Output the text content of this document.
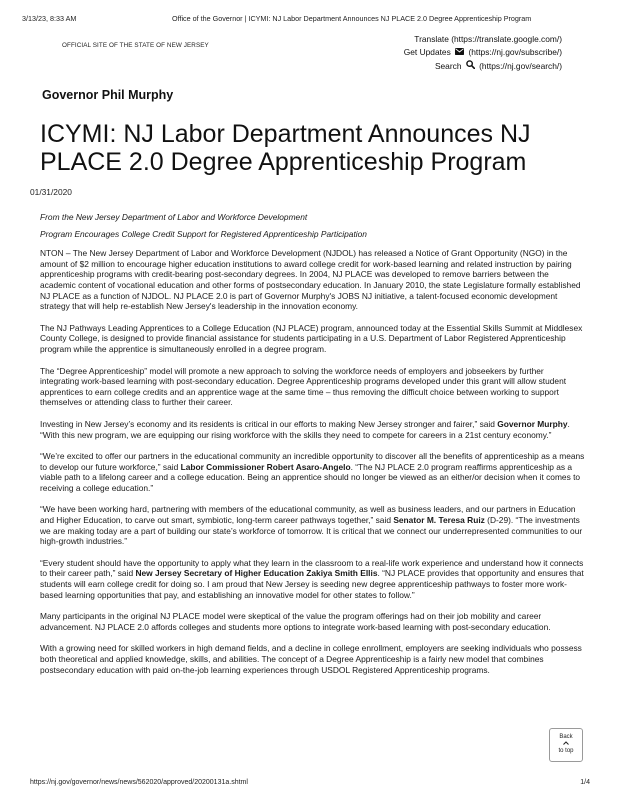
3/13/23, 8:33 AM	Office of the Governor | ICYMI: NJ Labor Department Announces NJ PLACE 2.0 Degree Apprenticeship Program
OFFICIAL SITE OF THE STATE OF NEW JERSEY
Translate (https://translate.google.com/)
Get Updates (https://nj.gov/subscribe/)
Search (https://nj.gov/search/)
Governor Phil Murphy
ICYMI: NJ Labor Department Announces NJ PLACE 2.0 Degree Apprenticeship Program
01/31/2020

From the New Jersey Department of Labor and Workforce Development

Program Encourages College Credit Support for Registered Apprenticeship Participation

NTON – The New Jersey Department of Labor and Workforce Development (NJDOL) has released a Notice of Grant Opportunity (NGO) in the amount of $2 million to encourage higher education institutions to award college credit for work-based learning and related instruction by pairing apprenticeship programs with credit-bearing post-secondary degrees. In 2004, NJ PLACE was developed to remove barriers between the academic content of vocational education and other forms of postsecondary education. In January 2010, the state Legislature formally established NJ PLACE as a function of NJDOL. NJ PLACE 2.0 is part of Governor Murphy's JOBS NJ initiative, a talent-focused economic development strategy that will help re-establish New Jersey's leadership in the innovation economy.

The NJ Pathways Leading Apprentices to a College Education (NJ PLACE) program, announced today at the Essential Skills Summit at Middlesex County College, is designed to provide financial assistance for students participating in a U.S. Department of Labor Registered Apprenticeship program while the apprentice is simultaneously enrolled in a degree program.

The “Degree Apprenticeship” model will promote a new approach to solving the workforce needs of employers and jobseekers by further integrating work-based learning with post-secondary education. Degree Apprenticeship programs developed under this grant will allow student apprentices to earn college credits and an apprentice wage at the same time – thus removing the difficult choice between working to support themselves or attending class to further their career.

Investing in New Jersey’s economy and its residents is critical in our efforts to making New Jersey stronger and fairer,” said Governor Murphy. “With this new program, we are equipping our rising workforce with the skills they need to compete for careers in a 21st century economy.”

“We’re excited to offer our partners in the educational community an incredible opportunity to discover all the benefits of apprenticeship as a means to develop our future workforce,” said Labor Commissioner Robert Asaro-Angelo. “The NJ PLACE 2.0 program reaffirms apprenticeship as a viable path to a lifelong career and a college education. Being an apprentice should no longer be viewed as an either/or decision when it comes to receiving a college education.”

“We have been working hard, partnering with members of the educational community, as well as business leaders, and our partners in Education and Higher Education, to carve out smart, symbiotic, long-term career pathways together,” said Senator M. Teresa Ruiz (D-29). “The investments we are making today are a part of building our state’s workforce of tomorrow. It is critical that we connect our underrepresented communities to our high-growth industries.”

“Every student should have the opportunity to apply what they learn in the classroom to a real-life work experience and understand how it connects to their career path,” said New Jersey Secretary of Higher Education Zakiya Smith Ellis. “NJ PLACE provides that opportunity and ensures that students will earn college credit for doing so. I am proud that New Jersey is seeding new degree apprenticeship pathways to foster more work-based learning opportunities that pay, and establishing an innovative model for other states to follow.”

Many participants in the original NJ PLACE model were skeptical of the value the program offerings had on their job mobility and career advancement. NJ PLACE 2.0 affords colleges and students more options to integrate work-based learning with post-secondary education.

With a growing need for skilled workers in high demand fields, and a decline in college enrollment, employers are seeking individuals who possess both theoretical and applied knowledge, skills, and abilities. The concept of a Degree Apprenticeship is a fairly new model that combines postsecondary education with paid on-the-job learning experiences through USDOL Registered Apprenticeship programs.

Back
to top
https://nj.gov/governor/news/news/562020/approved/20200131a.shtml	1/4
